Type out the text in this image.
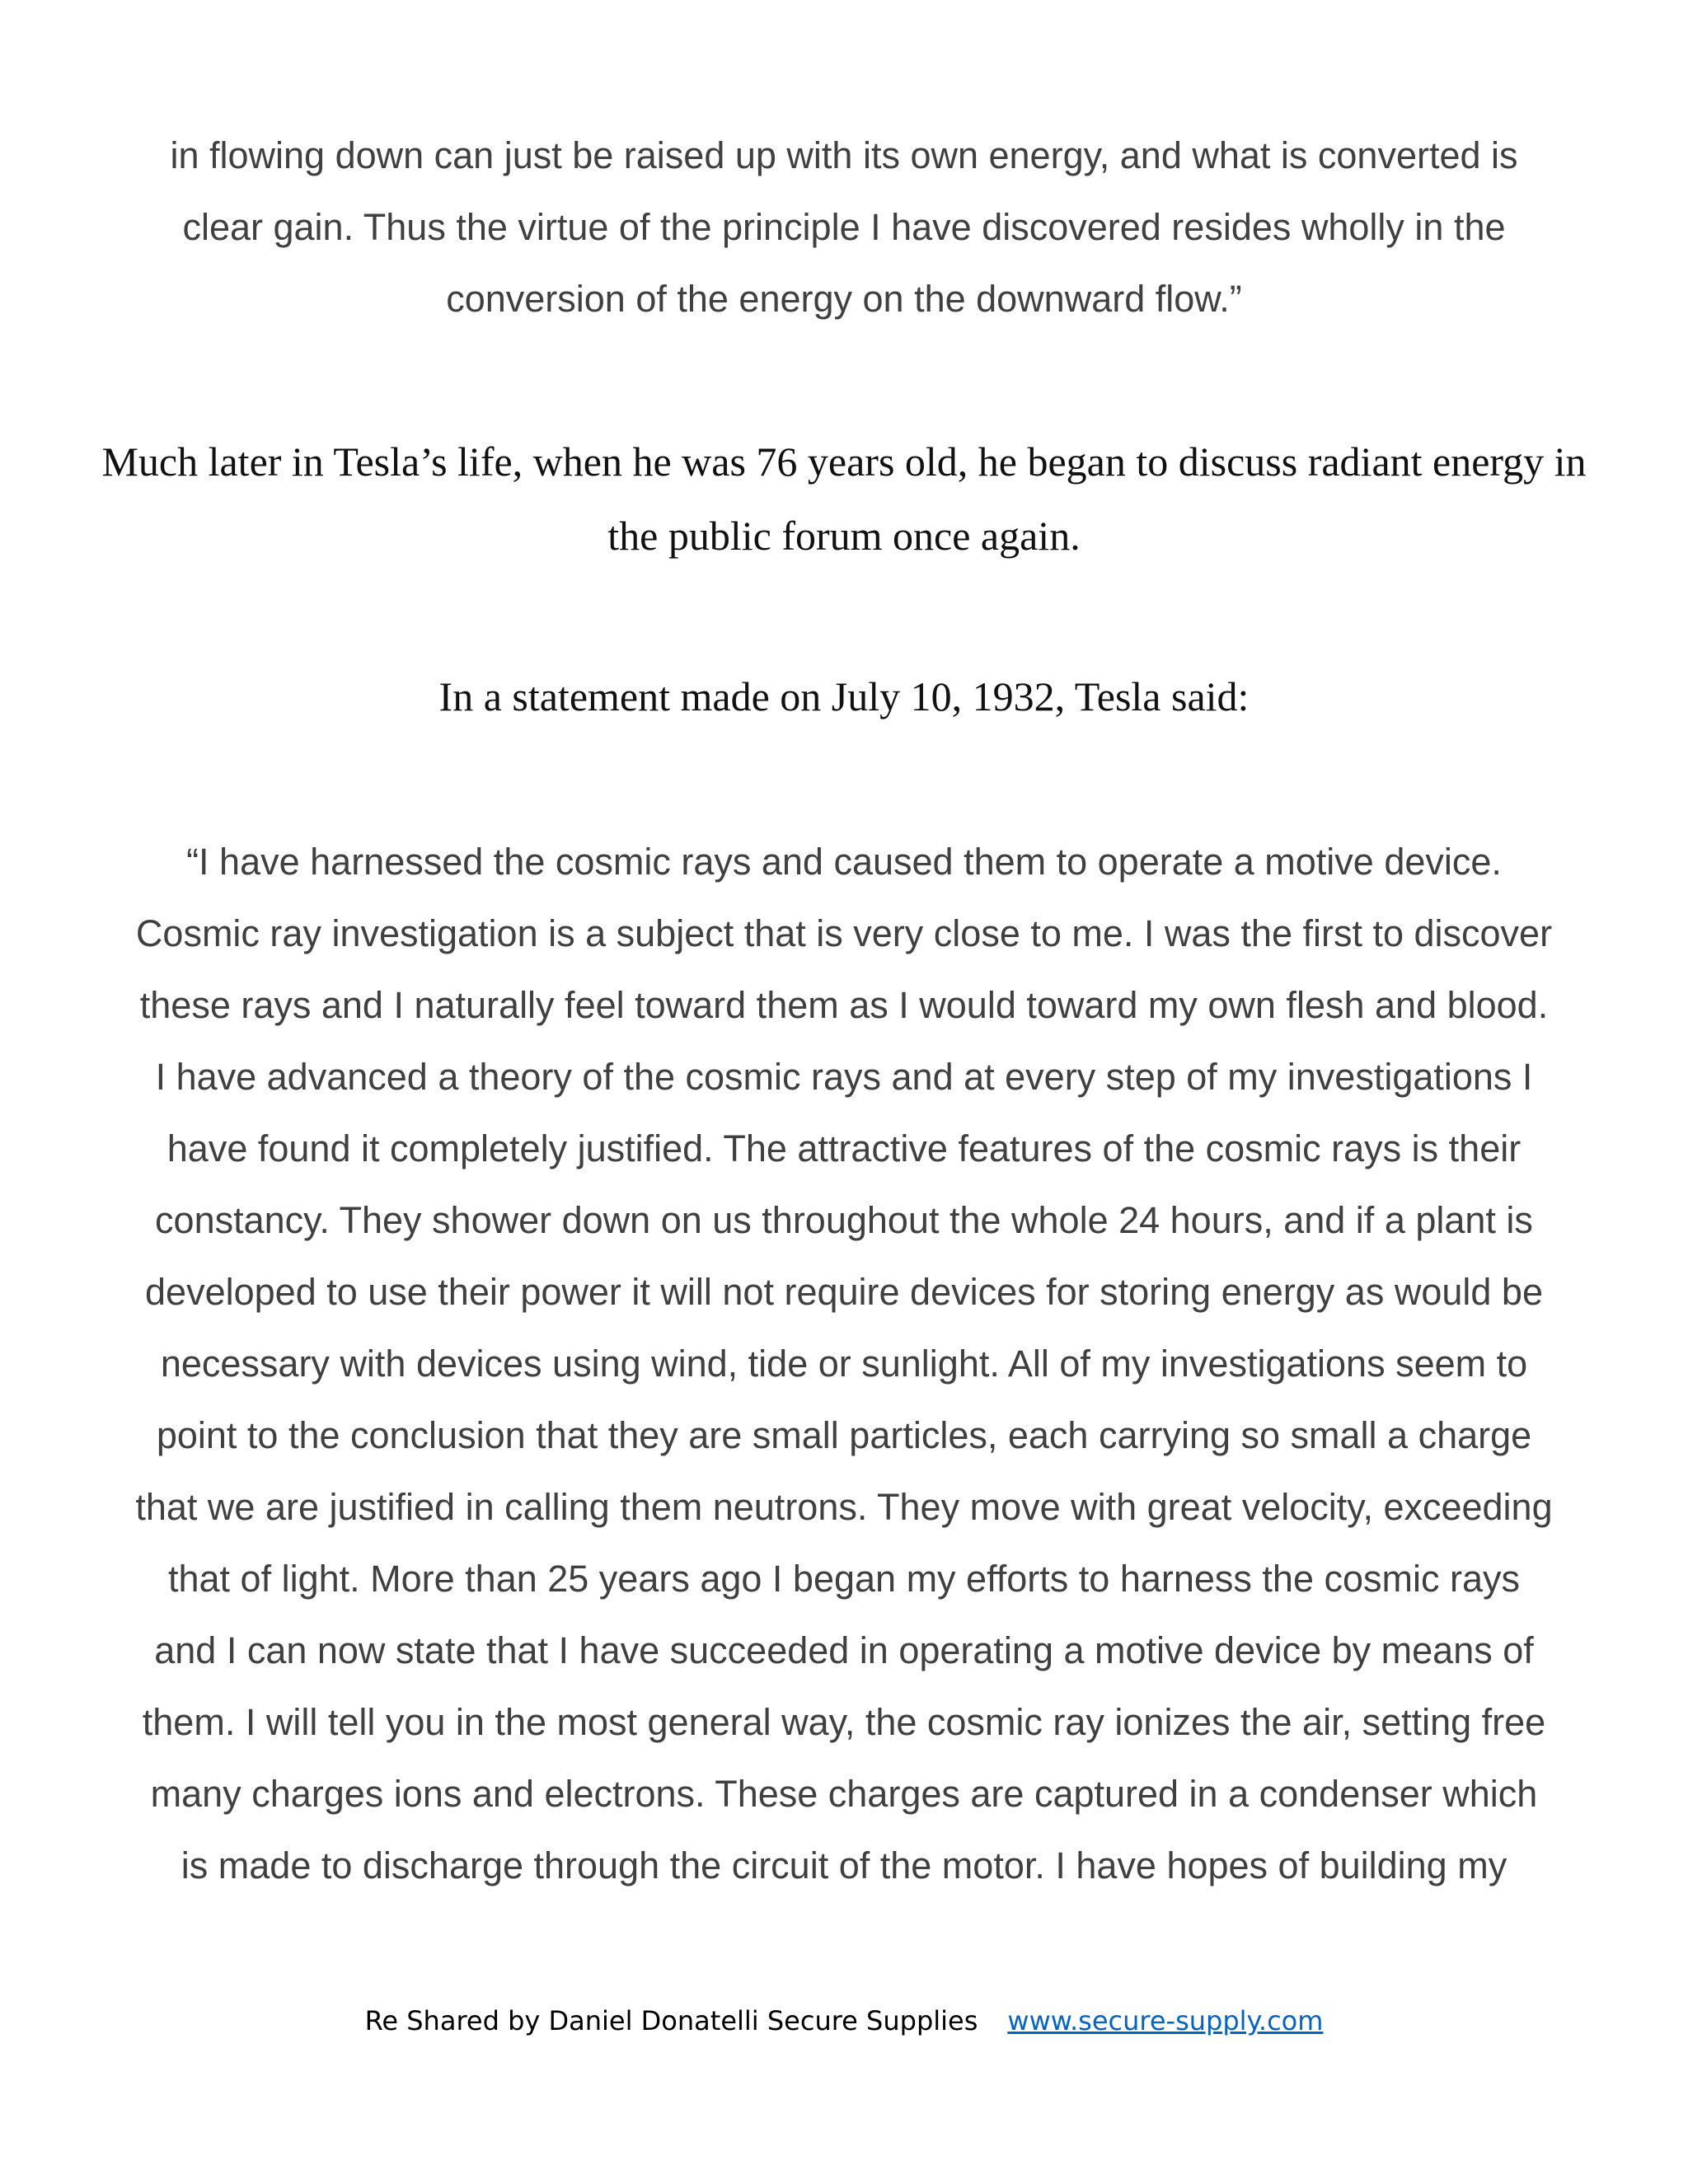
in flowing down can just be raised up with its own energy, and what is converted is
clear gain. Thus the virtue of the principle I have discovered resides wholly in the
conversion of the energy on the downward flow.”

Much later in Tesla’s life, when he was 76 years old, he began to discuss radiant energy in
the public forum once again.

In a statement made on July 10, 1932, Tesla said:

“I have harnessed the cosmic rays and caused them to operate a motive device.
Cosmic ray investigation is a subject that is very close to me. I was the first to discover
these rays and I naturally feel toward them as I would toward my own flesh and blood.
I have advanced a theory of the cosmic rays and at every step of my investigations I
have found it completely justified. The attractive features of the cosmic rays is their
constancy. They shower down on us throughout the whole 24 hours, and if a plant is
developed to use their power it will not require devices for storing energy as would be
necessary with devices using wind, tide or sunlight. All of my investigations seem to
point to the conclusion that they are small particles, each carrying so small a charge
that we are justified in calling them neutrons. They move with great velocity, exceeding
that of light. More than 25 years ago I began my efforts to harness the cosmic rays
and I can now state that I have succeeded in operating a motive device by means of
them. I will tell you in the most general way, the cosmic ray ionizes the air, setting free
many charges ions and electrons. These charges are captured in a condenser which
is made to discharge through the circuit of the motor. I have hopes of building my

Re Shared by Daniel Donatelli Secure Supplies www.secure-supply.com
